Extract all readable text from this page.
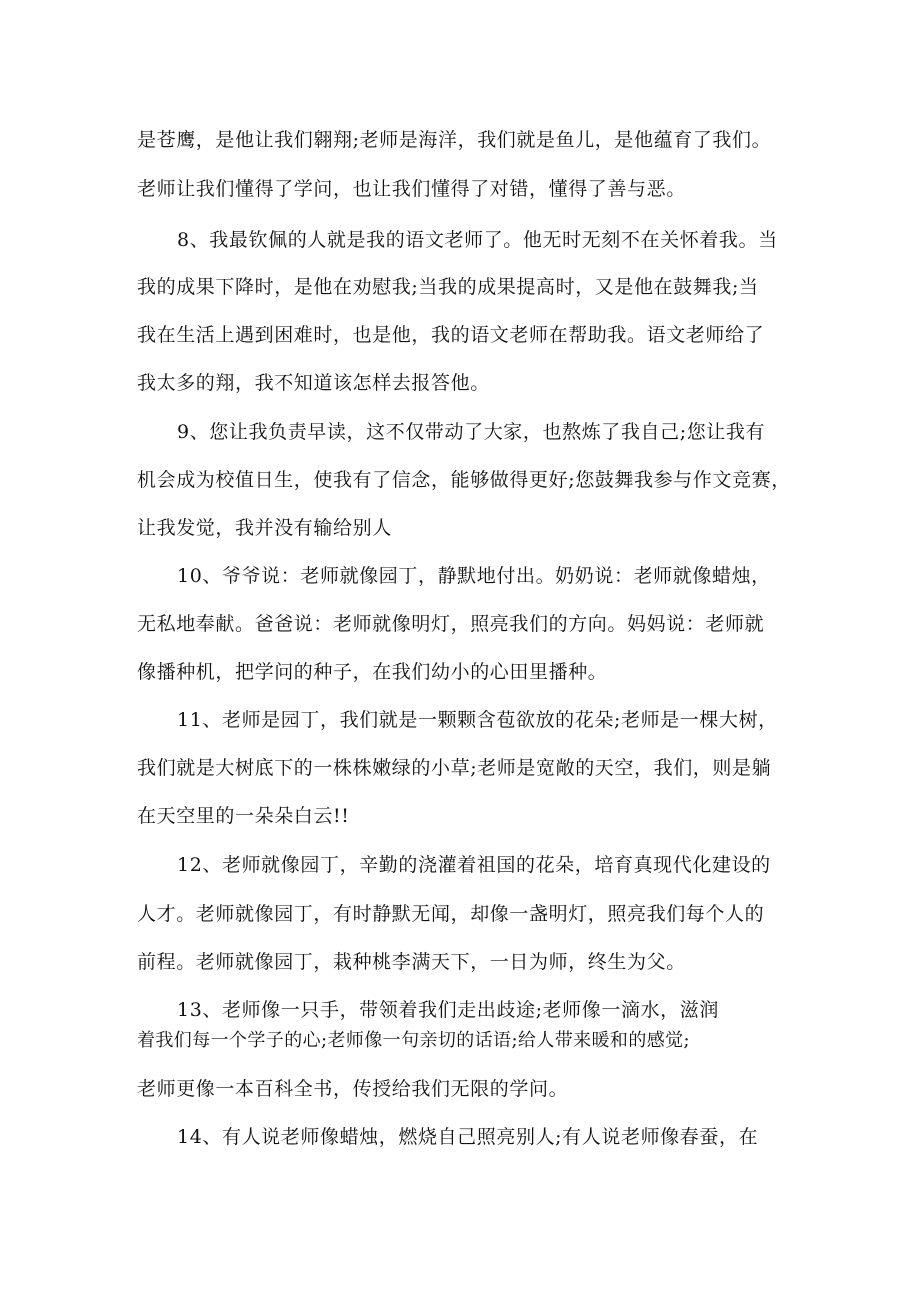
是苍鹰，是他让我们翱翔;老师是海洋，我们就是鱼儿，是他蕴育了我们。
老师让我们懂得了学问，也让我们懂得了对错，懂得了善与恶。
8、我最钦佩的人就是我的语文老师了。他无时无刻不在关怀着我。当
我的成果下降时，是他在劝慰我;当我的成果提高时，又是他在鼓舞我;当
我在生活上遇到困难时，也是他，我的语文老师在帮助我。语文老师给了
我太多的翔，我不知道该怎样去报答他。
9、您让我负责早读，这不仅带动了大家，也熬炼了我自己;您让我有
机会成为校值日生，使我有了信念，能够做得更好;您鼓舞我参与作文竞赛，
让我发觉，我并没有输给别人
10、爷爷说：老师就像园丁，静默地付出。奶奶说：老师就像蜡烛，
无私地奉献。爸爸说：老师就像明灯，照亮我们的方向。妈妈说：老师就
像播种机，把学问的种子，在我们幼小的心田里播种。
11、老师是园丁，我们就是一颗颗含苞欲放的花朵;老师是一棵大树，
我们就是大树底下的一株株嫩绿的小草;老师是宽敞的天空，我们，则是躺
在天空里的一朵朵白云!!
12、老师就像园丁，辛勤的浇灌着祖国的花朵，培育真现代化建设的
人才。老师就像园丁，有时静默无闻，却像一盏明灯，照亮我们每个人的
前程。老师就像园丁，栽种桃李满天下，一日为师，终生为父。
13、老师像一只手，带领着我们走出歧途;老师像一滴水，滋润
着我们每一个学子的心;老师像一句亲切的话语;给人带来暖和的感觉;
老师更像一本百科全书，传授给我们无限的学问。
14、有人说老师像蜡烛，燃烧自己照亮别人;有人说老师像春蚕，在
